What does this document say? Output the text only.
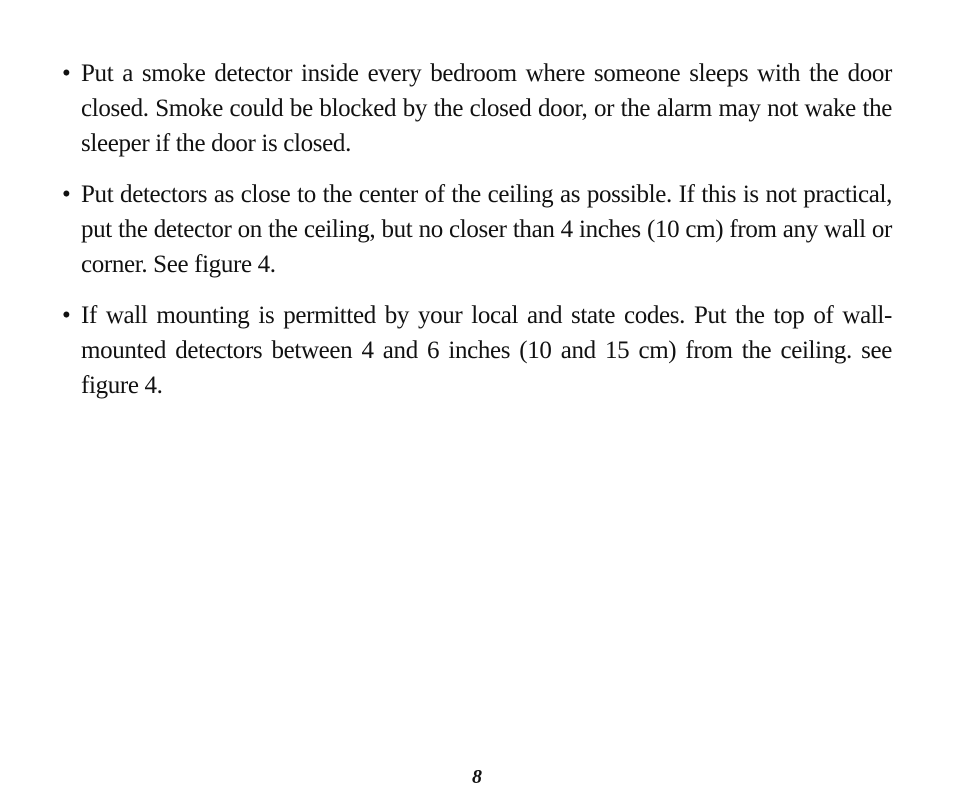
• Put a smoke detector inside every bedroom where someone sleeps with the door closed. Smoke could be blocked by the closed door, or the alarm may not wake the sleeper if the door is closed.
• Put detectors as close to the center of the ceiling as possible. If this is not practical, put the detector on the ceiling, but no closer than 4 inches (10 cm) from any wall or corner. See figure 4.
• If wall mounting is permitted by your local and state codes. Put the top of wall-mounted detectors between 4 and 6 inches (10 and 15 cm) from the ceiling. see figure 4.
8
